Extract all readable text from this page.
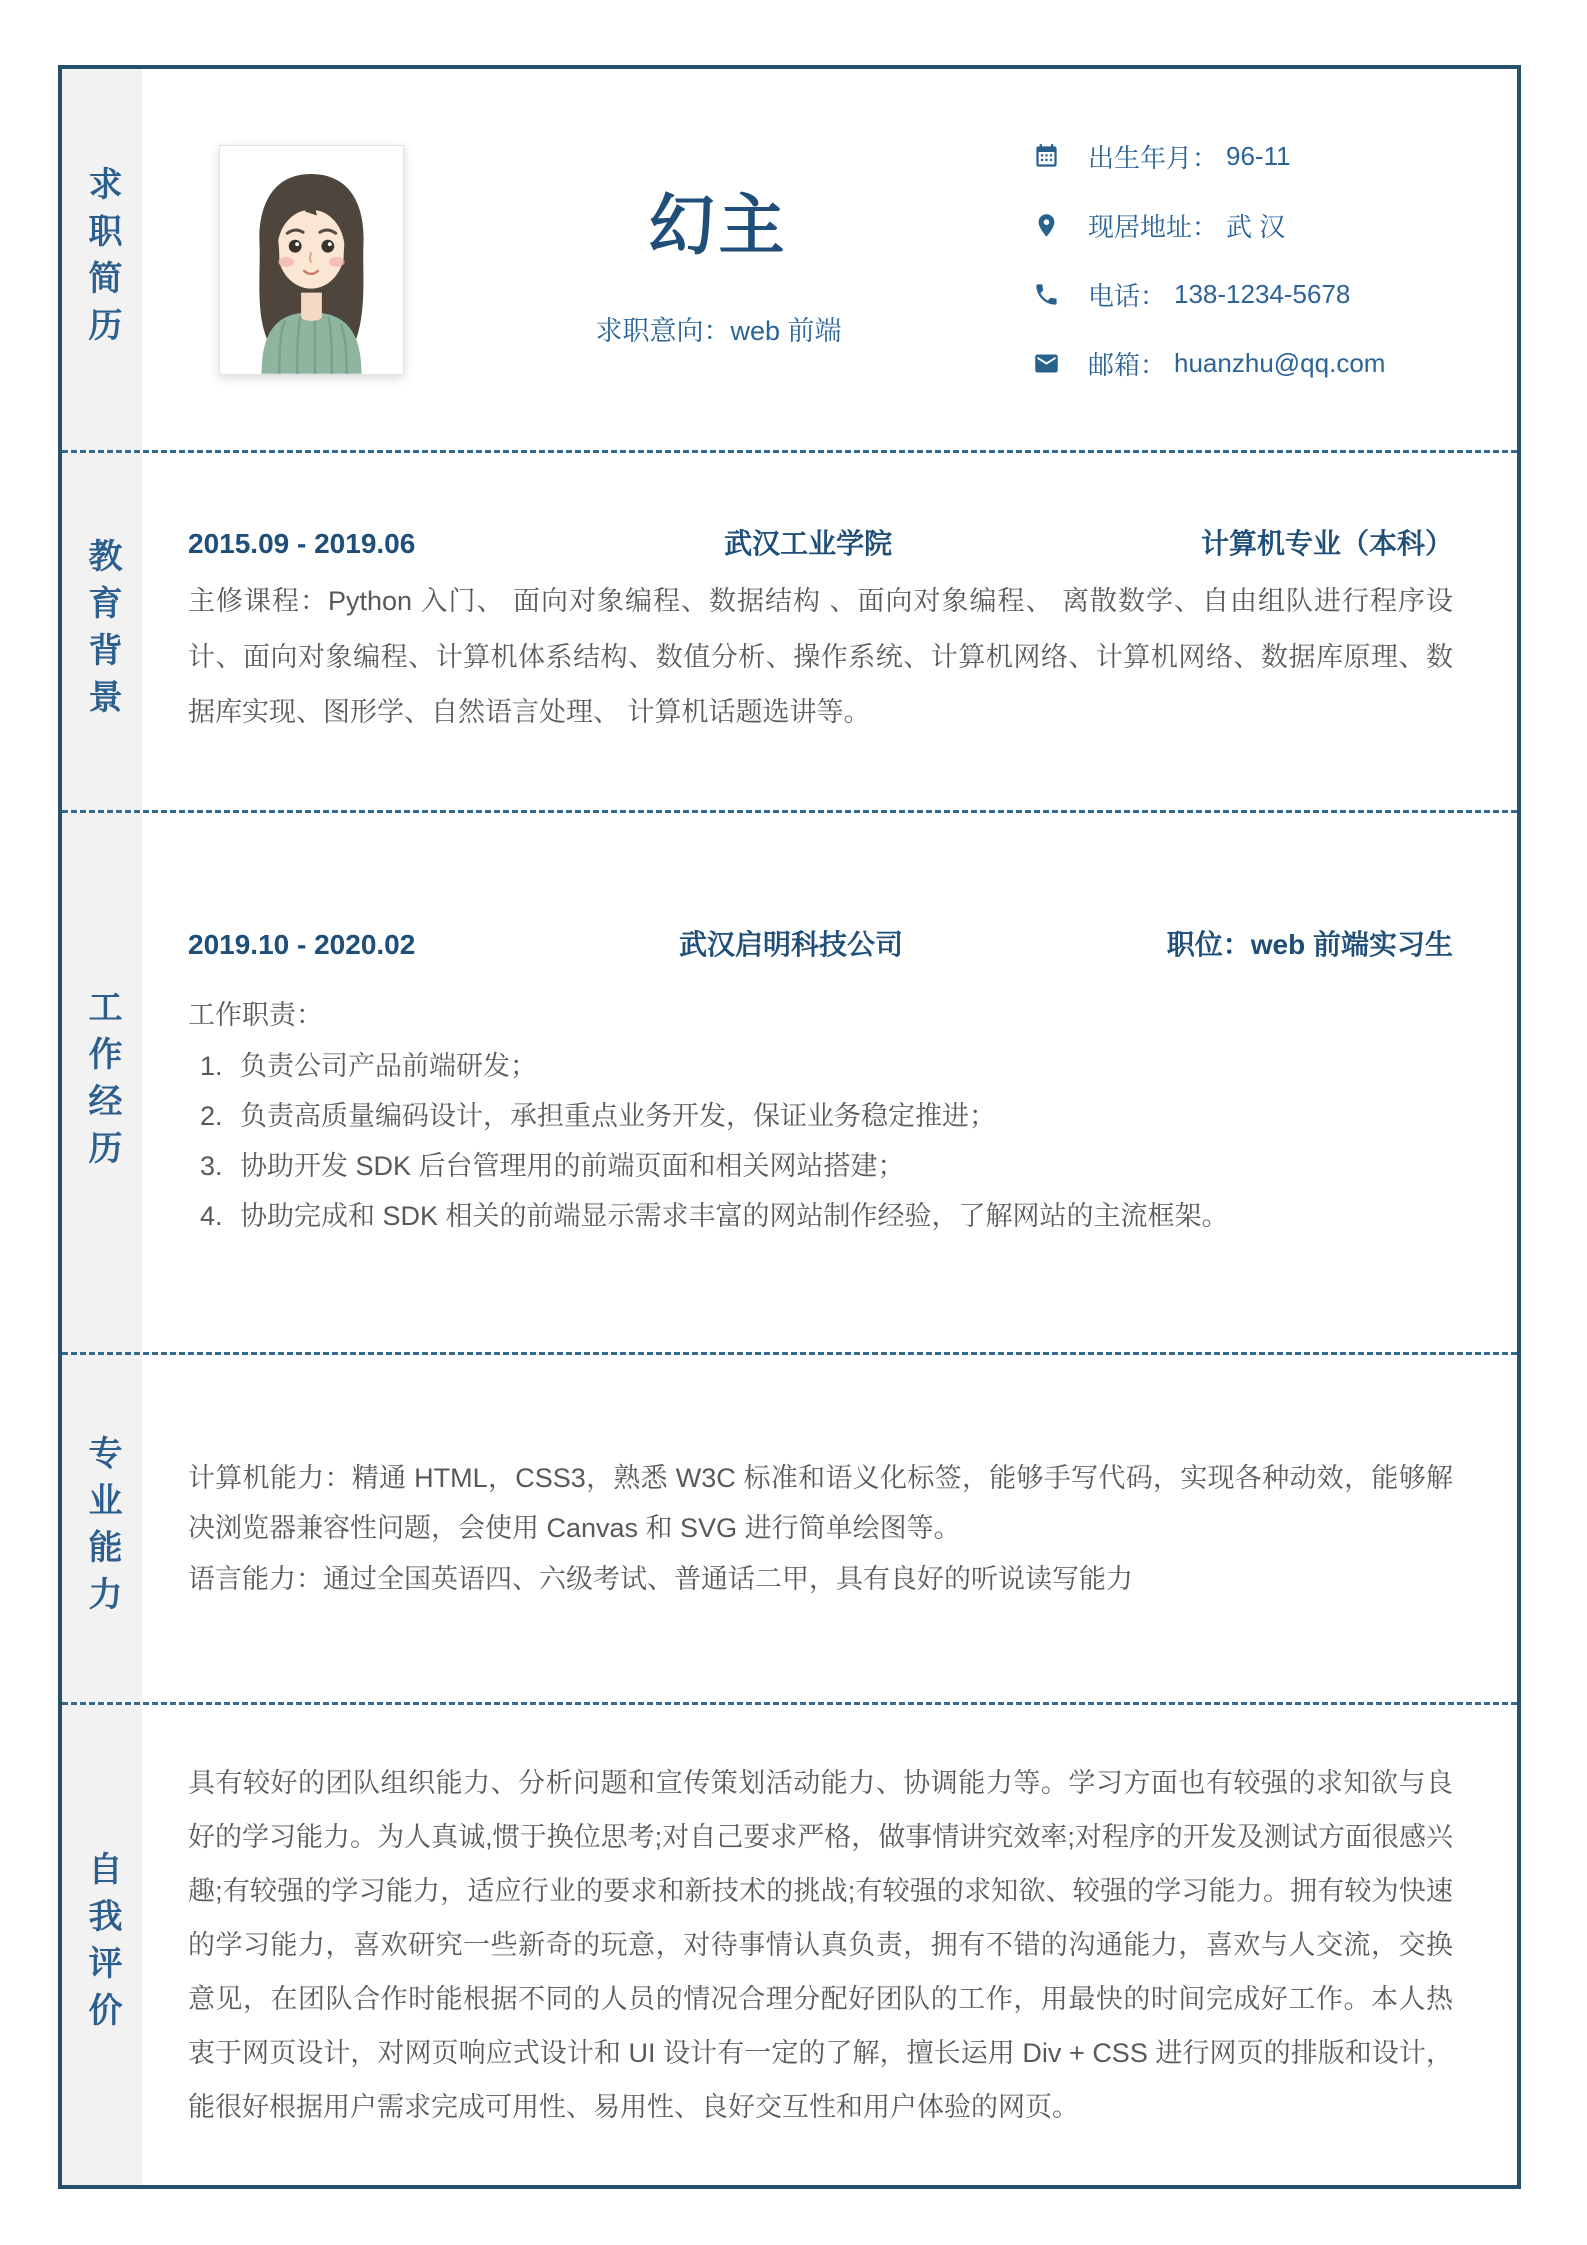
求职简历	幻主
求职意向：web 前端
出生年月： 96-11
现居地址： 武 汉
电话： 138-1234-5678
邮箱： huanzhu@qq.com
教育背景 2015.09 - 2019.06	武汉工业学院	计算机专业（本科）
主修课程：Python 入门、 面向对象编程、数据结构 、面向对象编程、 离散数学、自由组队进行程序设计、面向对象编程、计算机体系结构、数值分析、操作系统、计算机网络、计算机网络、数据库原理、数据库实现、图形学、自然语言处理、 计算机话题选讲等。
工作经历
2019.10 - 2020.02	武汉启明科技公司	职位：web 前端实习生
工作职责：
1. 负责公司产品前端研发；
2. 负责高质量编码设计，承担重点业务开发，保证业务稳定推进；
3. 协助开发 SDK 后台管理用的前端页面和相关网站搭建；
4. 协助完成和 SDK 相关的前端显示需求丰富的网站制作经验，了解网站的主流框架。
专业能力 计算机能力：精通 HTML，CSS3，熟悉 W3C 标准和语义化标签，能够手写代码，实现各种动效，能够解决浏览器兼容性问题，会使用 Canvas 和 SVG 进行简单绘图等。
语言能力：通过全国英语四、六级考试、普通话二甲，具有良好的听说读写能力
自我评价
具有较好的团队组织能力、分析问题和宣传策划活动能力、协调能力等。学习方面也有较强的求知欲与良好的学习能力。为人真诚,惯于换位思考;对自己要求严格，做事情讲究效率;对程序的开发及测试方面很感兴趣;有较强的学习能力，适应行业的要求和新技术的挑战;有较强的求知欲、较强的学习能力。拥有较为快速的学习能力，喜欢研究一些新奇的玩意，对待事情认真负责，拥有不错的沟通能力，喜欢与人交流，交换意见，在团队合作时能根据不同的人员的情况合理分配好团队的工作，用最快的时间完成好工作。本人热衷于网页设计，对网页响应式设计和 UI 设计有一定的了解，擅长运用 Div + CSS 进行网页的排版和设计，能很好根据用户需求完成可用性、易用性、良好交互性和用户体验的网页。
